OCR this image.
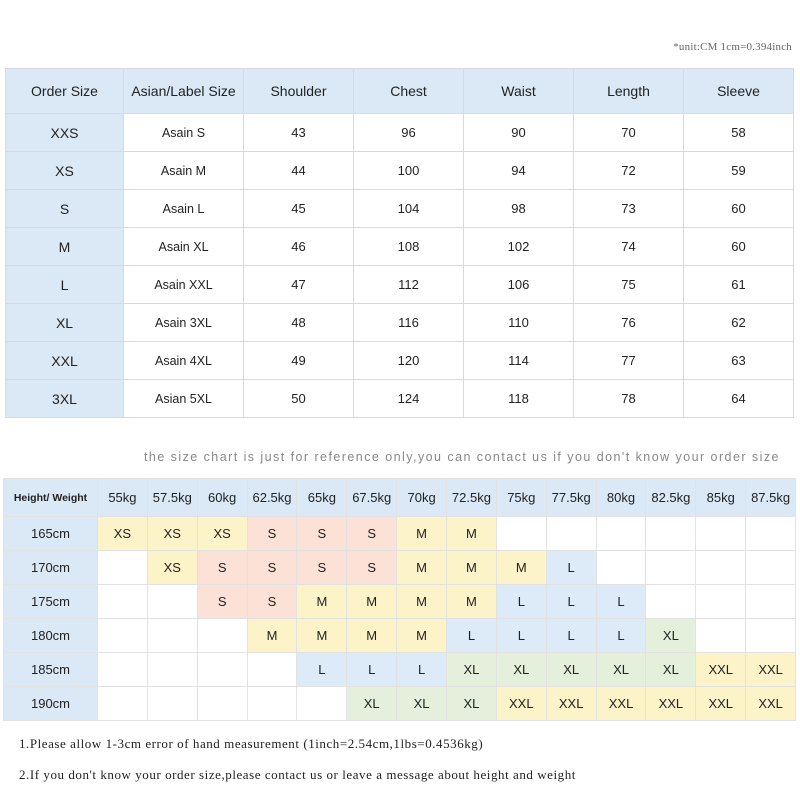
*unit:CM 1cm=0.394inch
Order Size	Asian/Label Size	Shoulder	Chest	Waist	Length	Sleeve
XXS	Asain S	43	96	90	70	58
XS	Asain M	44	100	94	72	59
S	Asain L	45	104	98	73	60
M	Asain XL	46	108	102	74	60
L	Asain XXL	47	112	106	75	61
XL	Asain 3XL	48	116	110	76	62
XXL	Asain 4XL	49	120	114	77	63
3XL	Asian 5XL	50	124	118	78	64
the size chart is just for reference only,you can contact us if you don't know your order size
Height/ Weight	55kg	57.5kg	60kg	62.5kg	65kg	67.5kg	70kg	72.5kg	75kg	77.5kg	80kg	82.5kg	85kg	87.5kg
165cm	XS	XS	XS	S	S	S	M	M						
170cm		XS	S	S	S	S	M	M	M	L				
175cm			S	S	M	M	M	M	L	L	L			
180cm				M	M	M	M	L	L	L	L	XL		
185cm					L	L	L	XL	XL	XL	XL	XL	XXL	XXL
190cm						XL	XL	XL	XXL	XXL	XXL	XXL	XXL	XXL
1.Please allow 1-3cm error of hand measurement (1inch=2.54cm,1lbs=0.4536kg)
2.If you don't know your order size,please contact us or leave a message about height and weight
